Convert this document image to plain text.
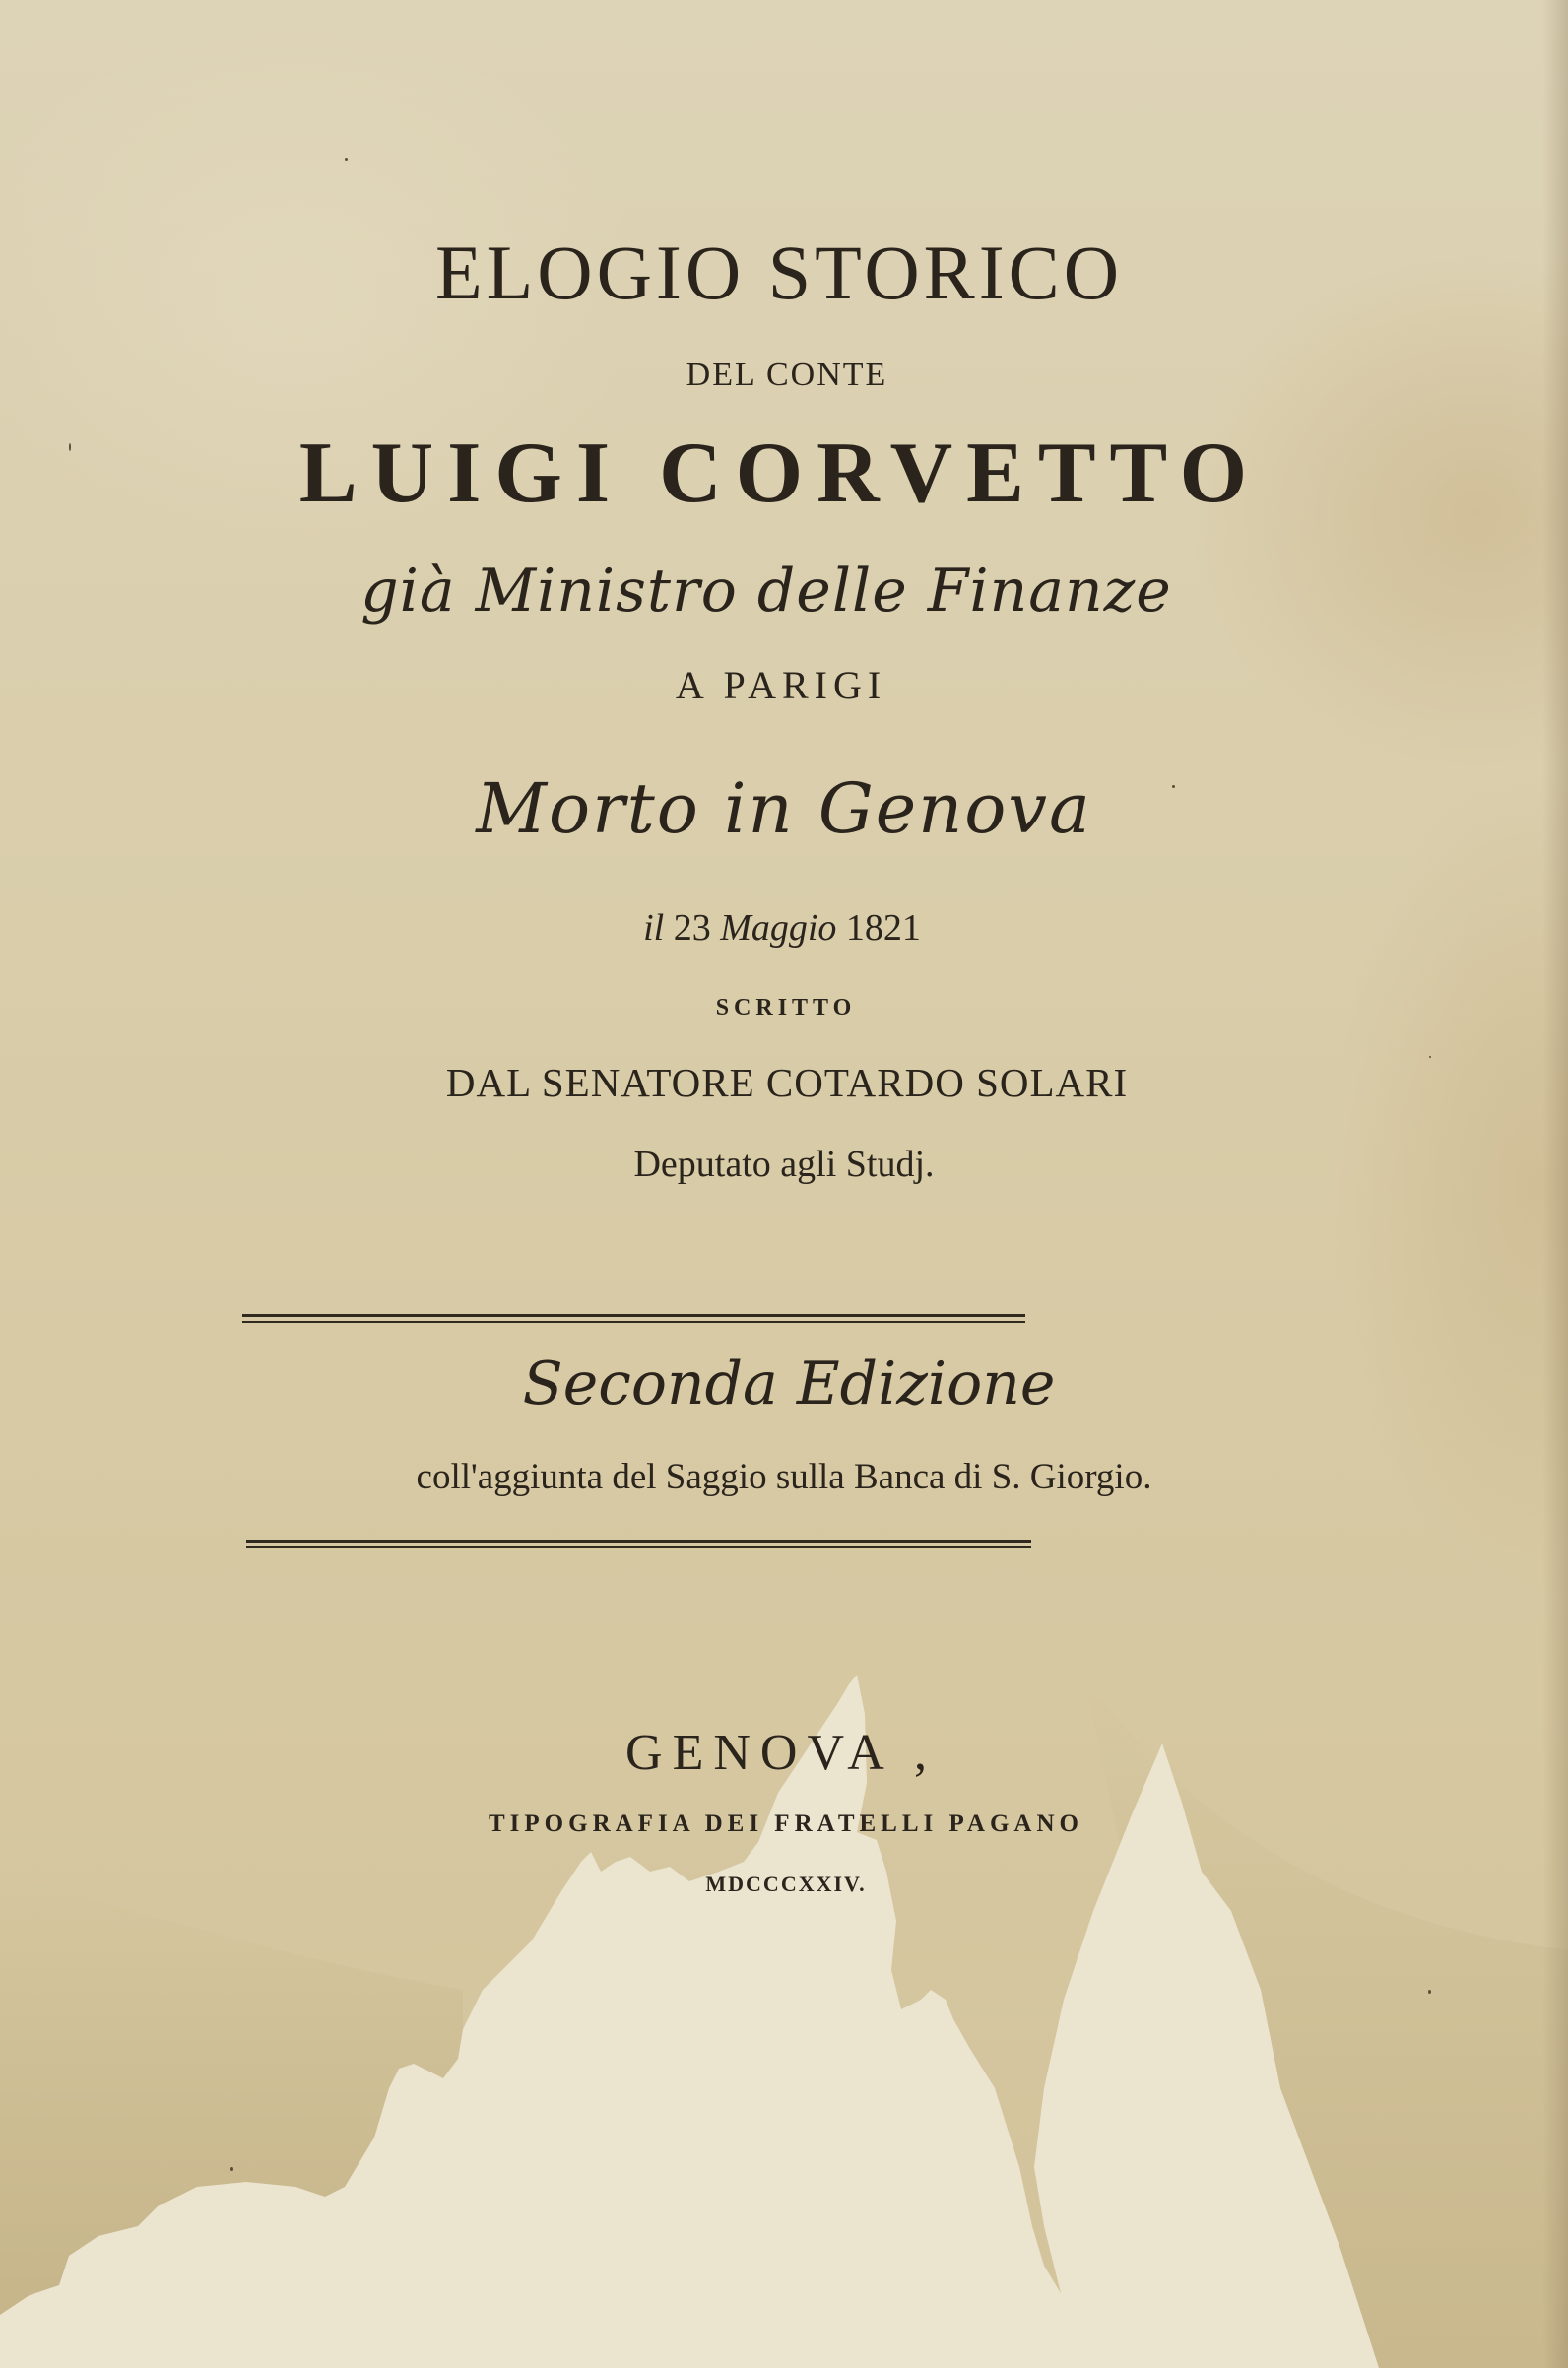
ELOGIO STORICO
DEL CONTE
LUIGI CORVETTO
già Ministro delle Finanze
A PARIGI
Morto in Genova
il 23 Maggio 1821
SCRITTO
DAL SENATORE COTARDO SOLARI
Deputato agli Studj.
Seconda Edizione
coll'aggiunta del Saggio sulla Banca di S. Giorgio.
GENOVA ,
TIPOGRAFIA DEI FRATELLI PAGANO
MDCCCXXIV.
